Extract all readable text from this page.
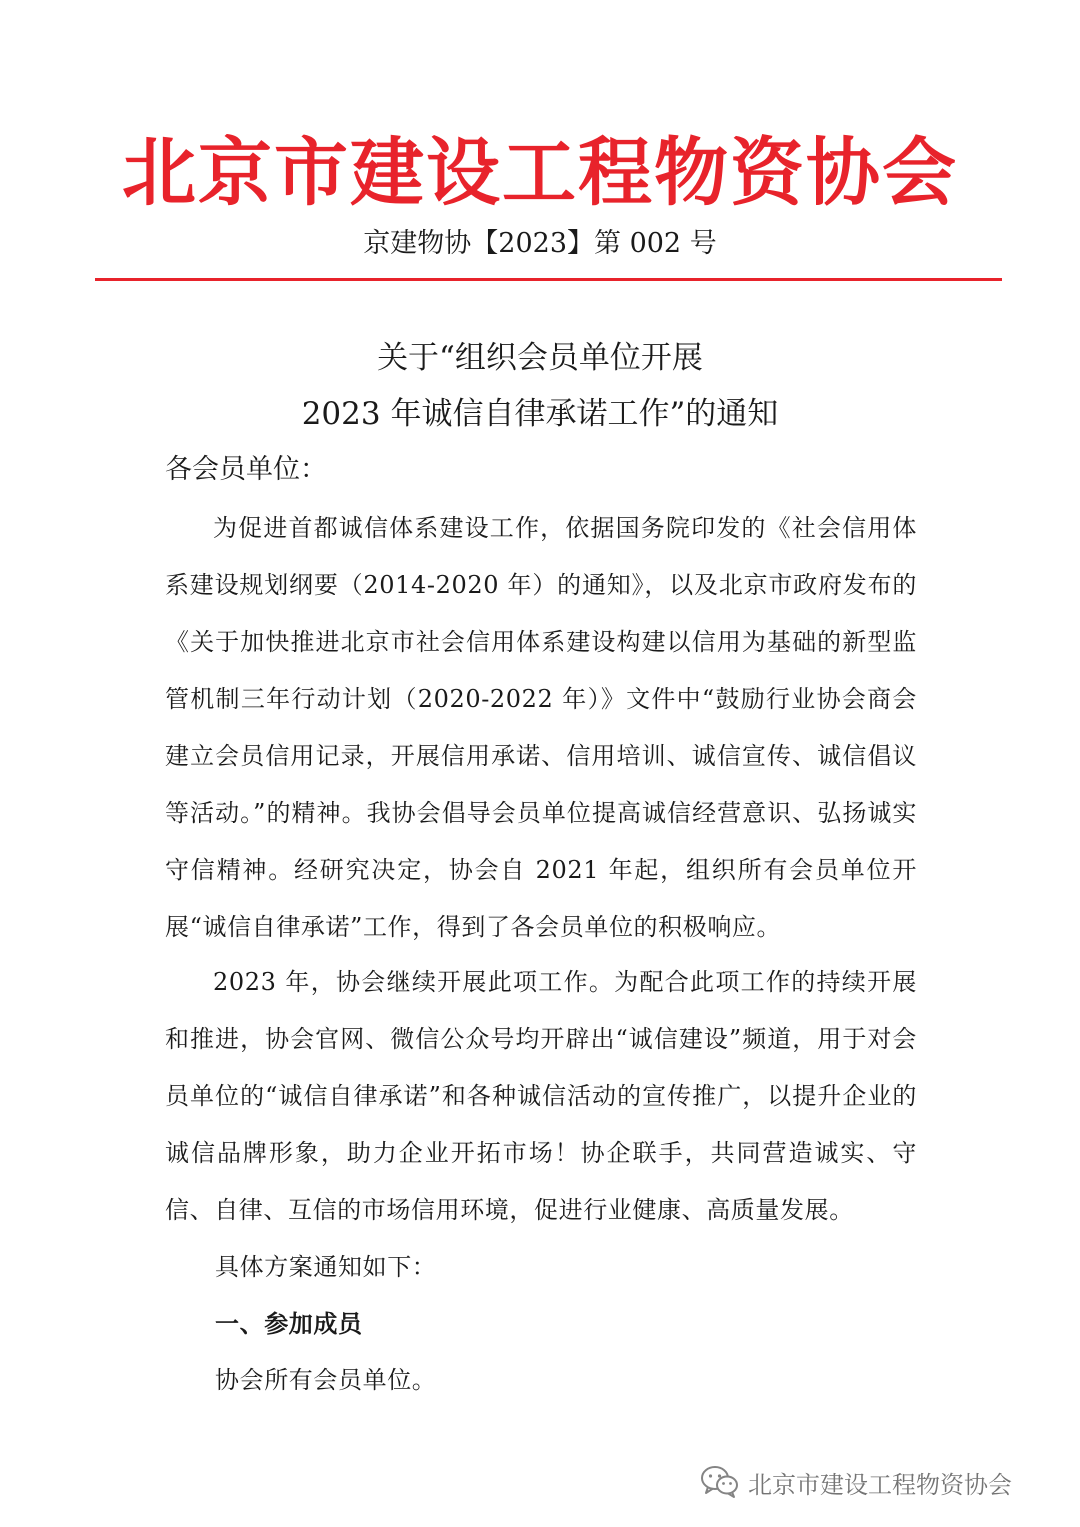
北京市建设工程物资协会
京建物协【2023】第 002 号
关于“组织会员单位开展
2023 年诚信自律承诺工作”的通知
各会员单位：

为促进首都诚信体系建设工作，依据国务院印发的《社会信用体系建设规划纲要（2014-2020 年）的通知》，以及北京市政府发布的《关于加快推进北京市社会信用体系建设构建以信用为基础的新型监管机制三年行动计划（2020-2022 年）》文件中“鼓励行业协会商会建立会员信用记录，开展信用承诺、信用培训、诚信宣传、诚信倡议等活动。”的精神。我协会倡导会员单位提高诚信经营意识、弘扬诚实守信精神。经研究决定，协会自 2021 年起，组织所有会员单位开展“诚信自律承诺”工作，得到了各会员单位的积极响应。

2023 年，协会继续开展此项工作。为配合此项工作的持续开展和推进，协会官网、微信公众号均开辟出“诚信建设”频道，用于对会员单位的“诚信自律承诺”和各种诚信活动的宣传推广，以提升企业的诚信品牌形象，助力企业开拓市场！协企联手，共同营造诚实、守信、自律、互信的市场信用环境，促进行业健康、高质量发展。

具体方案通知如下：

一、参加成员

协会所有会员单位。

北京市建设工程物资协会
